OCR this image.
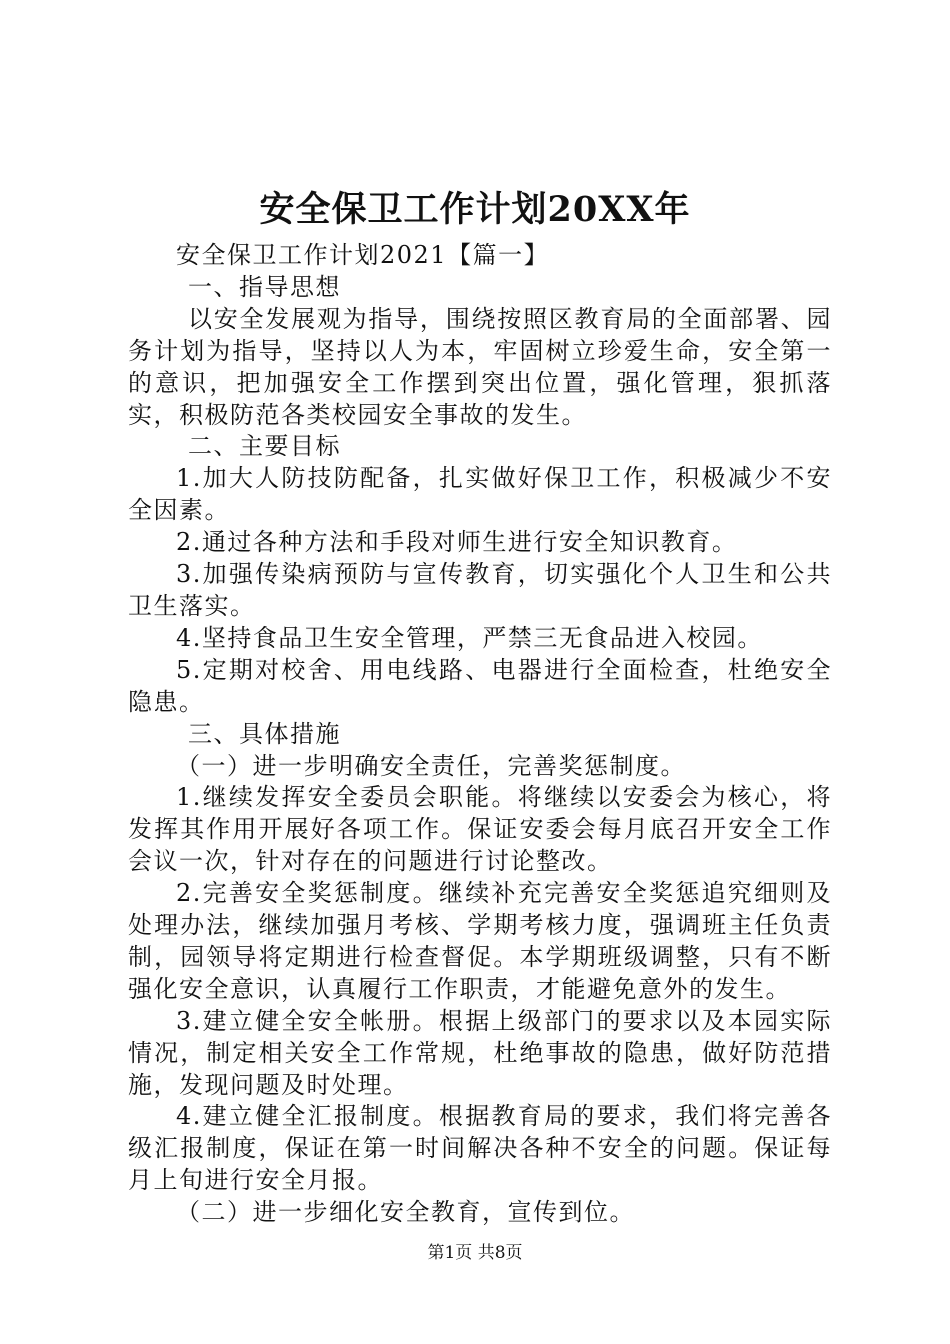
安全保卫工作计划20XX年

安全保卫工作计划2021【篇一】

一、指导思想

以安全发展观为指导，围绕按照区教育局的全面部署、园务计划为指导，坚持以人为本，牢固树立珍爱生命，安全第一的意识，把加强安全工作摆到突出位置，强化管理，狠抓落实，积极防范各类校园安全事故的发生。

二、主要目标

1.加大人防技防配备，扎实做好保卫工作，积极减少不安全因素。

2.通过各种方法和手段对师生进行安全知识教育。

3.加强传染病预防与宣传教育，切实强化个人卫生和公共卫生落实。

4.坚持食品卫生安全管理，严禁三无食品进入校园。

5.定期对校舍、用电线路、电器进行全面检查，杜绝安全隐患。

三、具体措施

（一）进一步明确安全责任，完善奖惩制度。

1.继续发挥安全委员会职能。将继续以安委会为核心，将发挥其作用开展好各项工作。保证安委会每月底召开安全工作会议一次，针对存在的问题进行讨论整改。

2.完善安全奖惩制度。继续补充完善安全奖惩追究细则及处理办法，继续加强月考核、学期考核力度，强调班主任负责制，园领导将定期进行检查督促。本学期班级调整，只有不断强化安全意识，认真履行工作职责，才能避免意外的发生。

3.建立健全安全帐册。根据上级部门的要求以及本园实际情况，制定相关安全工作常规，杜绝事故的隐患，做好防范措施，发现问题及时处理。

4.建立健全汇报制度。根据教育局的要求，我们将完善各级汇报制度，保证在第一时间解决各种不安全的问题。保证每月上旬进行安全月报。

（二）进一步细化安全教育，宣传到位。

第1页 共8页
